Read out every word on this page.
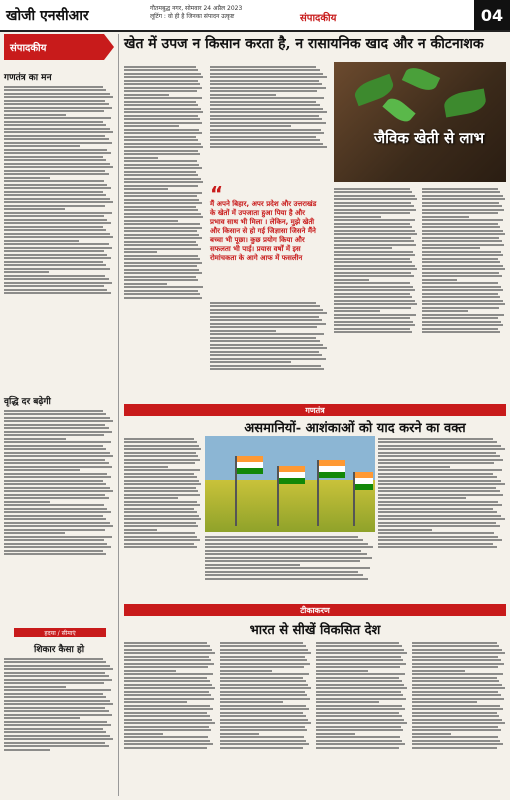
खोजी एनसीआर	गौतमबुद्ध नगर, सोमवार 24 अप्रैल 2023
लूटिंग : वो ही है जिनका संपादन उत्कृष्ट	संपादकीय	04
संपादकीय
गणतंत्र का मन
वृद्धि दर बढ़ेगी
हदया / सीमाएं
शिकार कैसा हो
खेत में उपज न किसान करता है, न रासायनिक खाद और न कीटनाशक
जैविक खेती से लाभ
“
मैं अपने बिहार, अपर प्रदेश और उत्तराखंड के खेतों में उपजाता हुआ पिया है और प्रभाव साथ भी मिला । लेकिन, मुझे खेती और किसान से हो गई जिज्ञासा जिसने मैंने बच्चा भी पूछा। कुछ प्रयोग किया और सफलता भी पाई। प्रयास वर्षों में इस रोमांचकता के आगे आफ में फसलीन
गणतंत्र
असमानियों- आशंकाओं को याद करने का वक्त
टीकाकरण
भारत से सीखें विकसित देश
